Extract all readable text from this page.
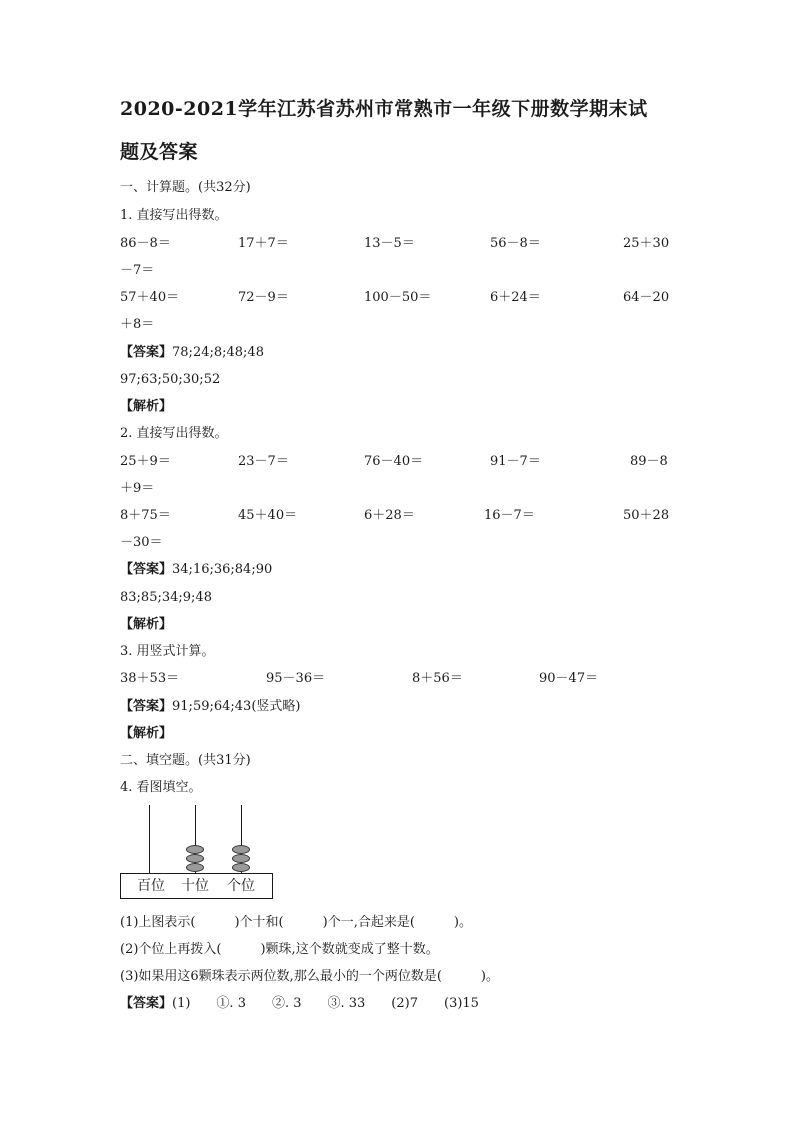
2020-2021学年江苏省苏州市常熟市一年级下册数学期末试
题及答案
一、计算题。(共32分)
1. 直接写出得数。
86－8＝	17＋7＝	13－5＝	56－8＝	25＋30
－7＝
57＋40＝	72－9＝	100－50＝	6＋24＝	64－20
＋8＝
【答案】78;24;8;48;48
97;63;50;30;52
【解析】
2. 直接写出得数。
25＋9＝	23－7＝	76－40＝	91－7＝	89－8
＋9＝
8＋75＝	45＋40＝	6＋28＝	16－7＝	50＋28
－30＝
【答案】34;16;36;84;90
83;85;34;9;48
【解析】
3. 用竖式计算。
38＋53＝	95－36＝	8＋56＝	90－47＝
【答案】91;59;64;43(竖式略)
【解析】
二、填空题。(共31分)
4. 看图填空。
百位 十位 个位
(1)上图表示(　　　)个十和(　　　)个一,合起来是(　　　)。
(2)个位上再拨入(　　　)颗珠,这个数就变成了整十数。
(3)如果用这6颗珠表示两位数,那么最小的一个两位数是(　　　)。
【答案】(1)　　①. 3　　②. 3　　③. 33　　(2)7　　(3)15
